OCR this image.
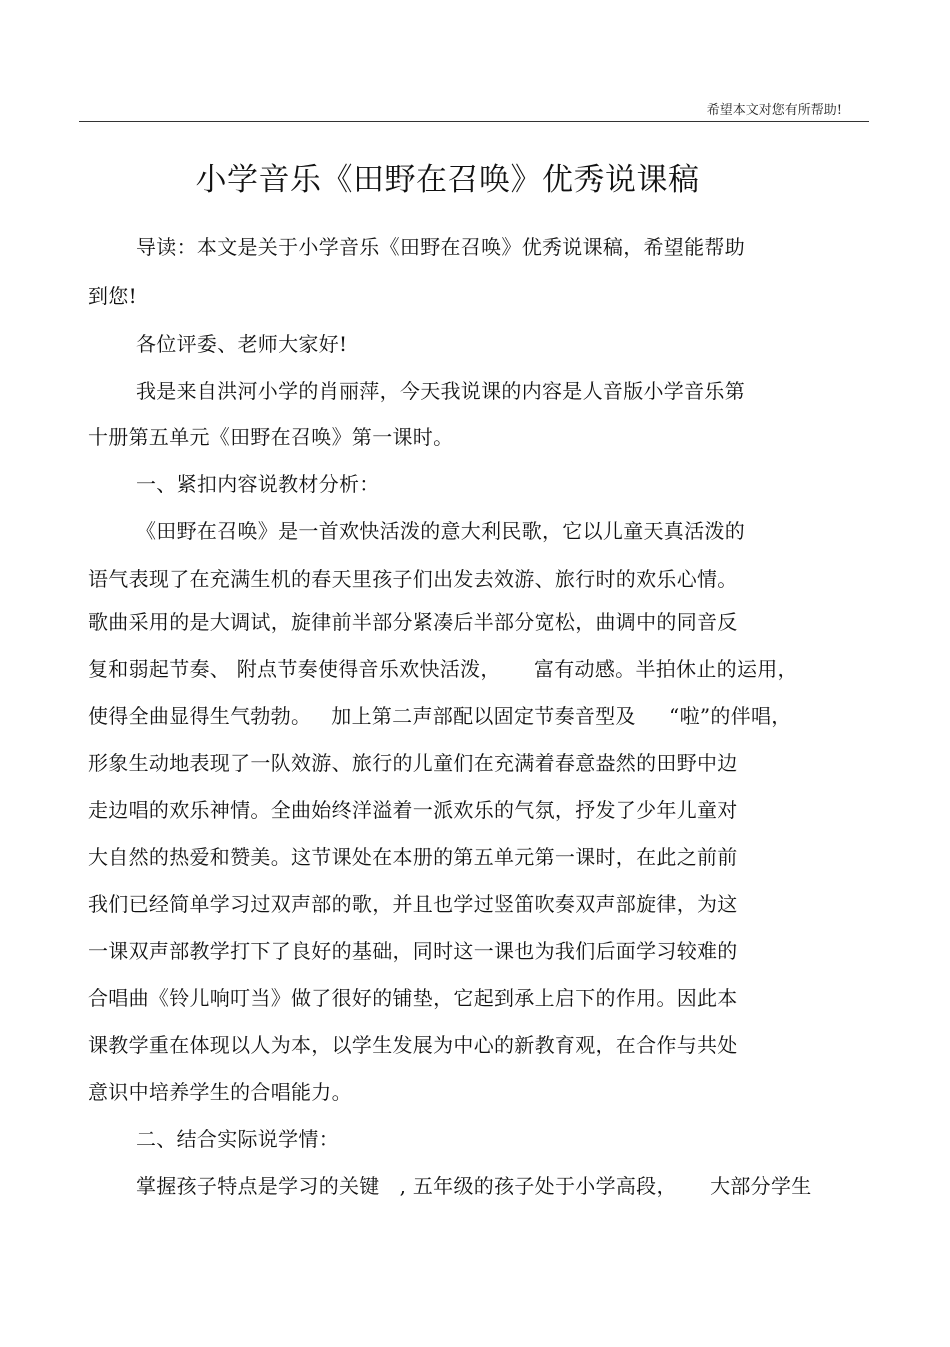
希望本文对您有所帮助!
小学音乐《田野在召唤》优秀说课稿
导读：本文是关于小学音乐《田野在召唤》优秀说课稿，希望能帮助
到您!
各位评委、老师大家好!
我是来自洪河小学的肖丽萍，今天我说课的内容是人音版小学音乐第
十册第五单元《田野在召唤》第一课时。
一、紧扣内容说教材分析：
《田野在召唤》是一首欢快活泼的意大利民歌，它以儿童天真活泼的
语气表现了在充满生机的春天里孩子们出发去效游、旅行时的欢乐心情。
歌曲采用的是大调试，旋律前半部分紧凑后半部分宽松，曲调中的同音反
复和弱起节奏、 附点节奏使得音乐欢快活泼，     富有动感。半拍休止的运用，
使得全曲显得生气勃勃。   加上第二声部配以固定节奏音型及     “啦”的伴唱，
形象生动地表现了一队效游、旅行的儿童们在充满着春意盎然的田野中边
走边唱的欢乐神情。全曲始终洋溢着一派欢乐的气氛，抒发了少年儿童对
大自然的热爱和赞美。这节课处在本册的第五单元第一课时，在此之前前
我们已经简单学习过双声部的歌，并且也学过竖笛吹奏双声部旋律，为这
一课双声部教学打下了良好的基础，同时这一课也为我们后面学习较难的
合唱曲《铃儿响叮当》做了很好的铺垫，它起到承上启下的作用。因此本
课教学重在体现以人为本，以学生发展为中心的新教育观，在合作与共处
意识中培养学生的合唱能力。
二、结合实际说学情：
掌握孩子特点是学习的关键   , 五年级的孩子处于小学高段，     大部分学生
